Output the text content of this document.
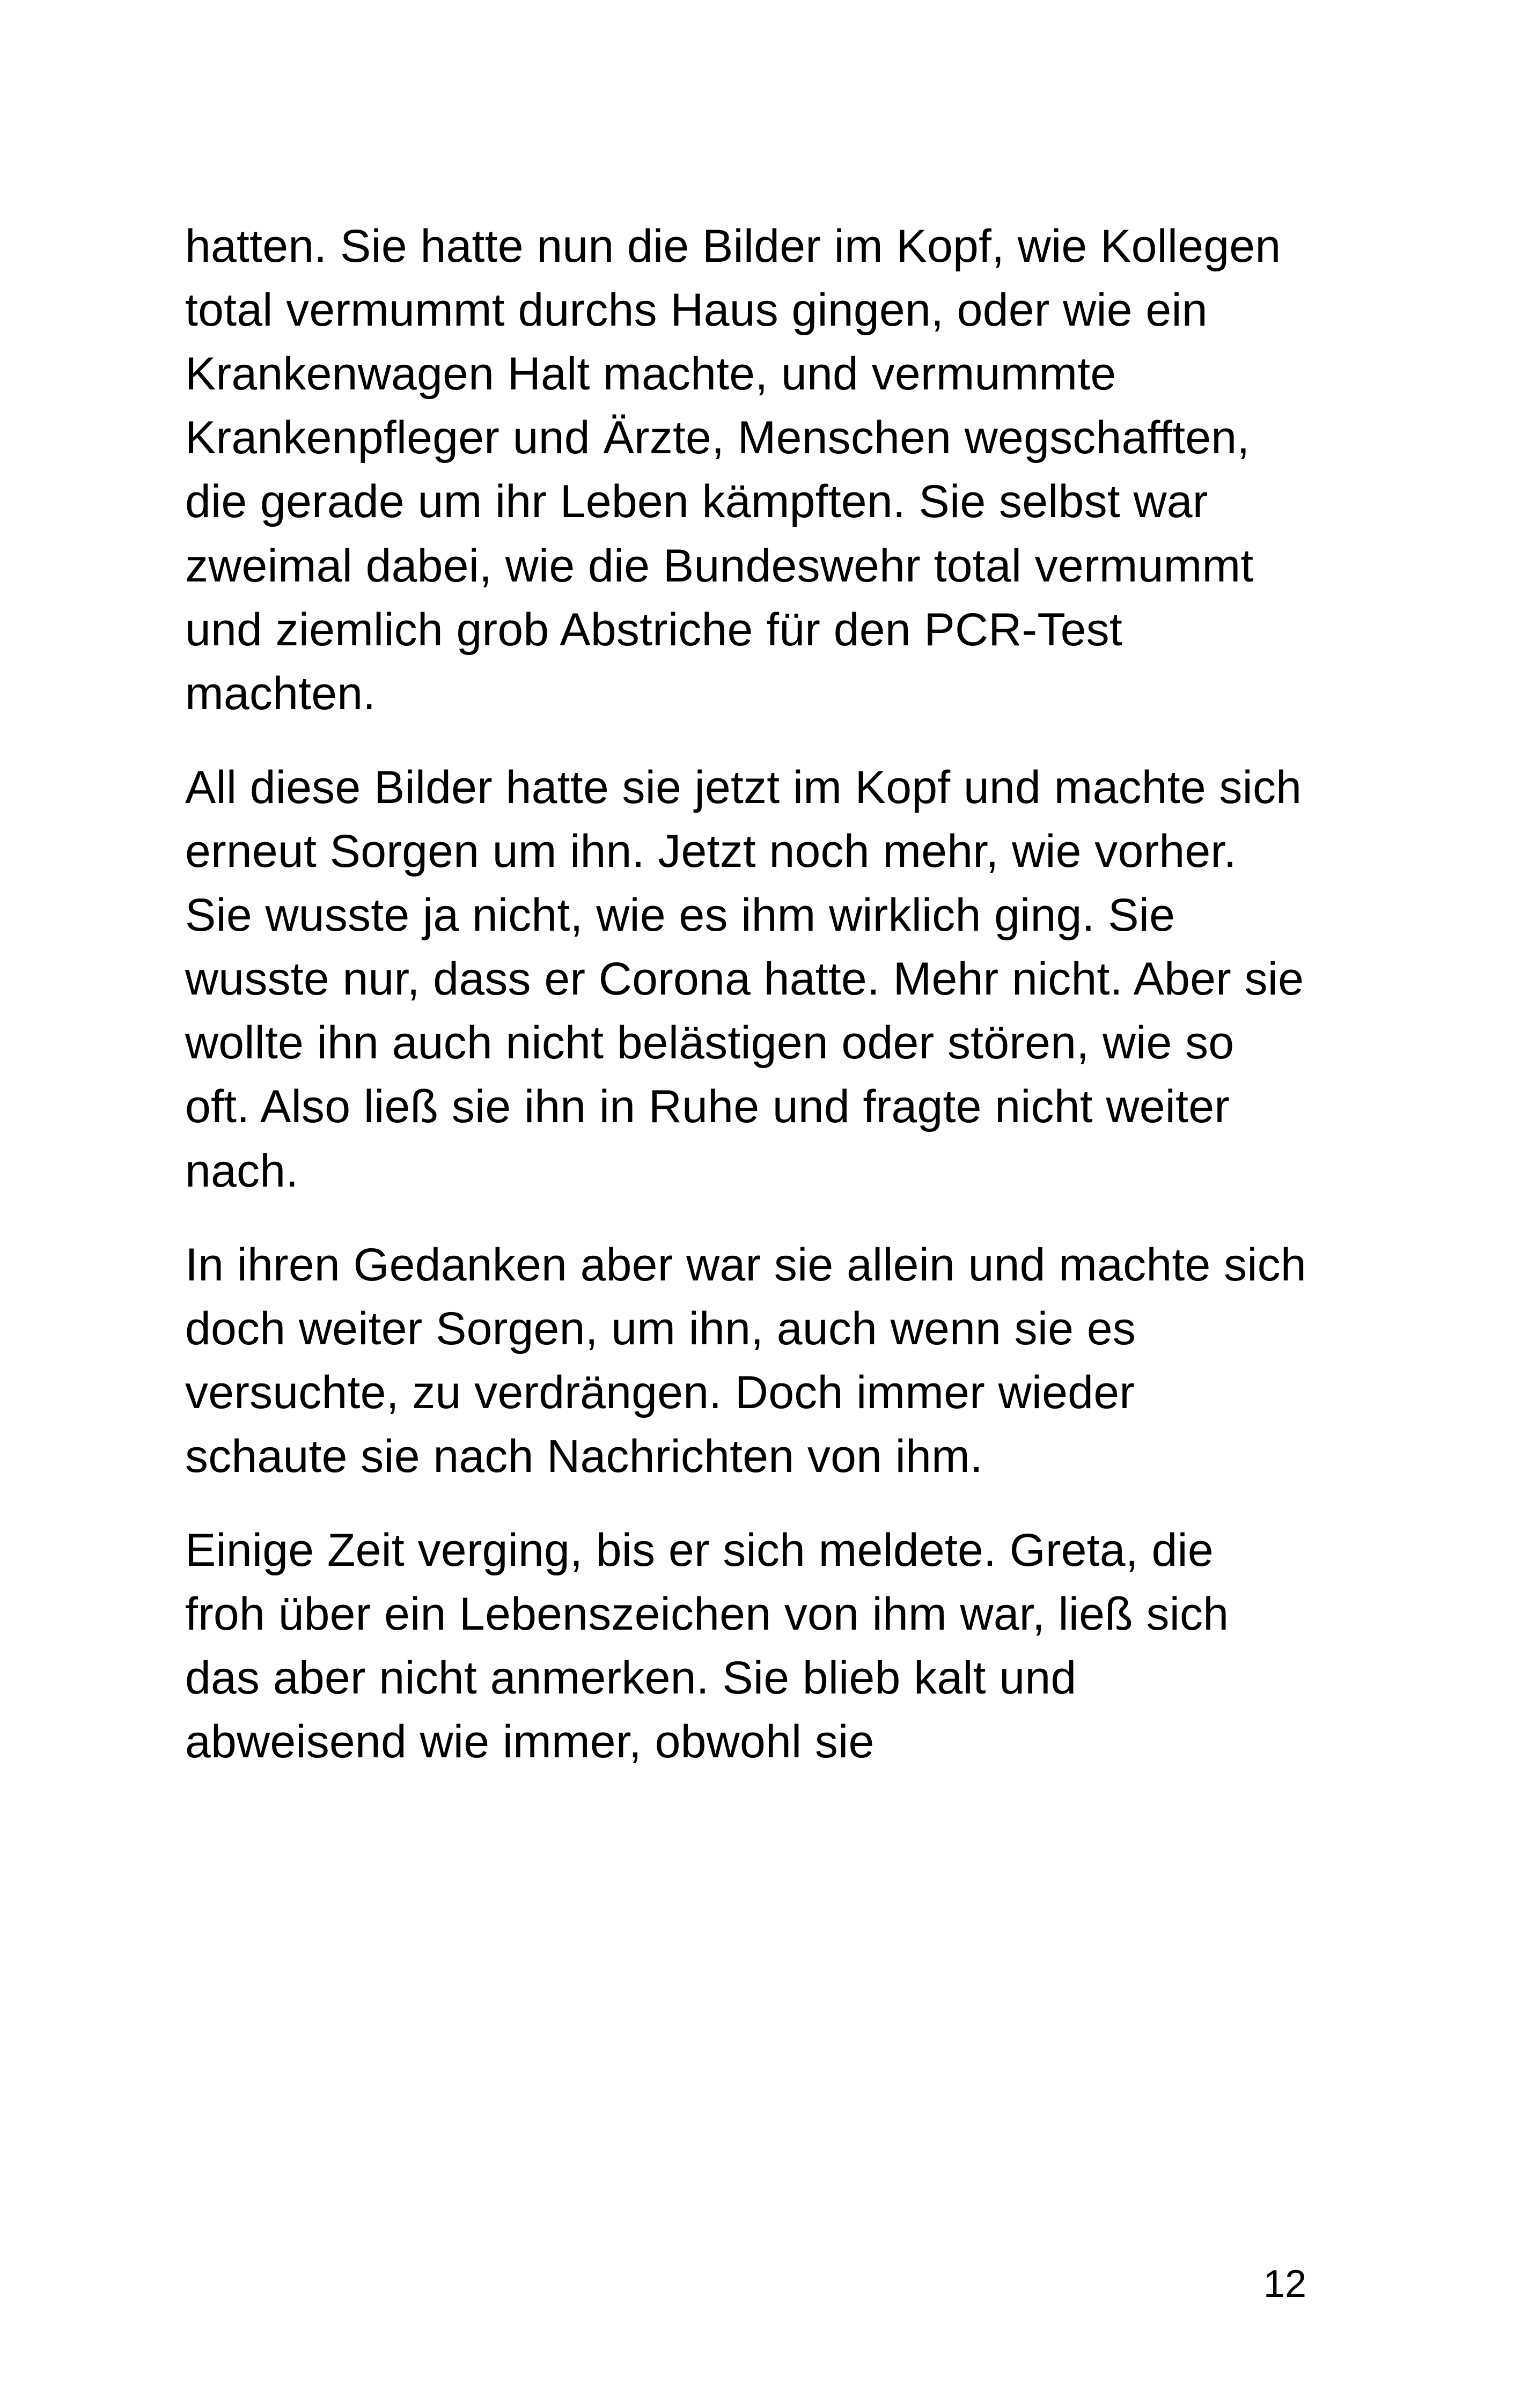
hatten. Sie hatte nun die Bilder im Kopf, wie Kollegen total vermummt durchs Haus gingen, oder wie ein Krankenwagen Halt machte, und vermummte Krankenpfleger und Ärzte, Menschen wegschafften, die gerade um ihr Leben kämpften. Sie selbst war zweimal dabei, wie die Bundeswehr total vermummt und ziemlich grob Abstriche für den PCR-Test machten.

All diese Bilder hatte sie jetzt im Kopf und machte sich erneut Sorgen um ihn. Jetzt noch mehr, wie vorher. Sie wusste ja nicht, wie es ihm wirklich ging. Sie wusste nur, dass er Corona hatte. Mehr nicht. Aber sie wollte ihn auch nicht belästigen oder stören, wie so oft. Also ließ sie ihn in Ruhe und fragte nicht weiter nach.

In ihren Gedanken aber war sie allein und machte sich doch weiter Sorgen, um ihn, auch wenn sie es versuchte, zu verdrängen. Doch immer wieder schaute sie nach Nachrichten von ihm.

Einige Zeit verging, bis er sich meldete. Greta, die froh über ein Lebenszeichen von ihm war, ließ sich das aber nicht anmerken. Sie blieb kalt und abweisend wie immer, obwohl sie

12
